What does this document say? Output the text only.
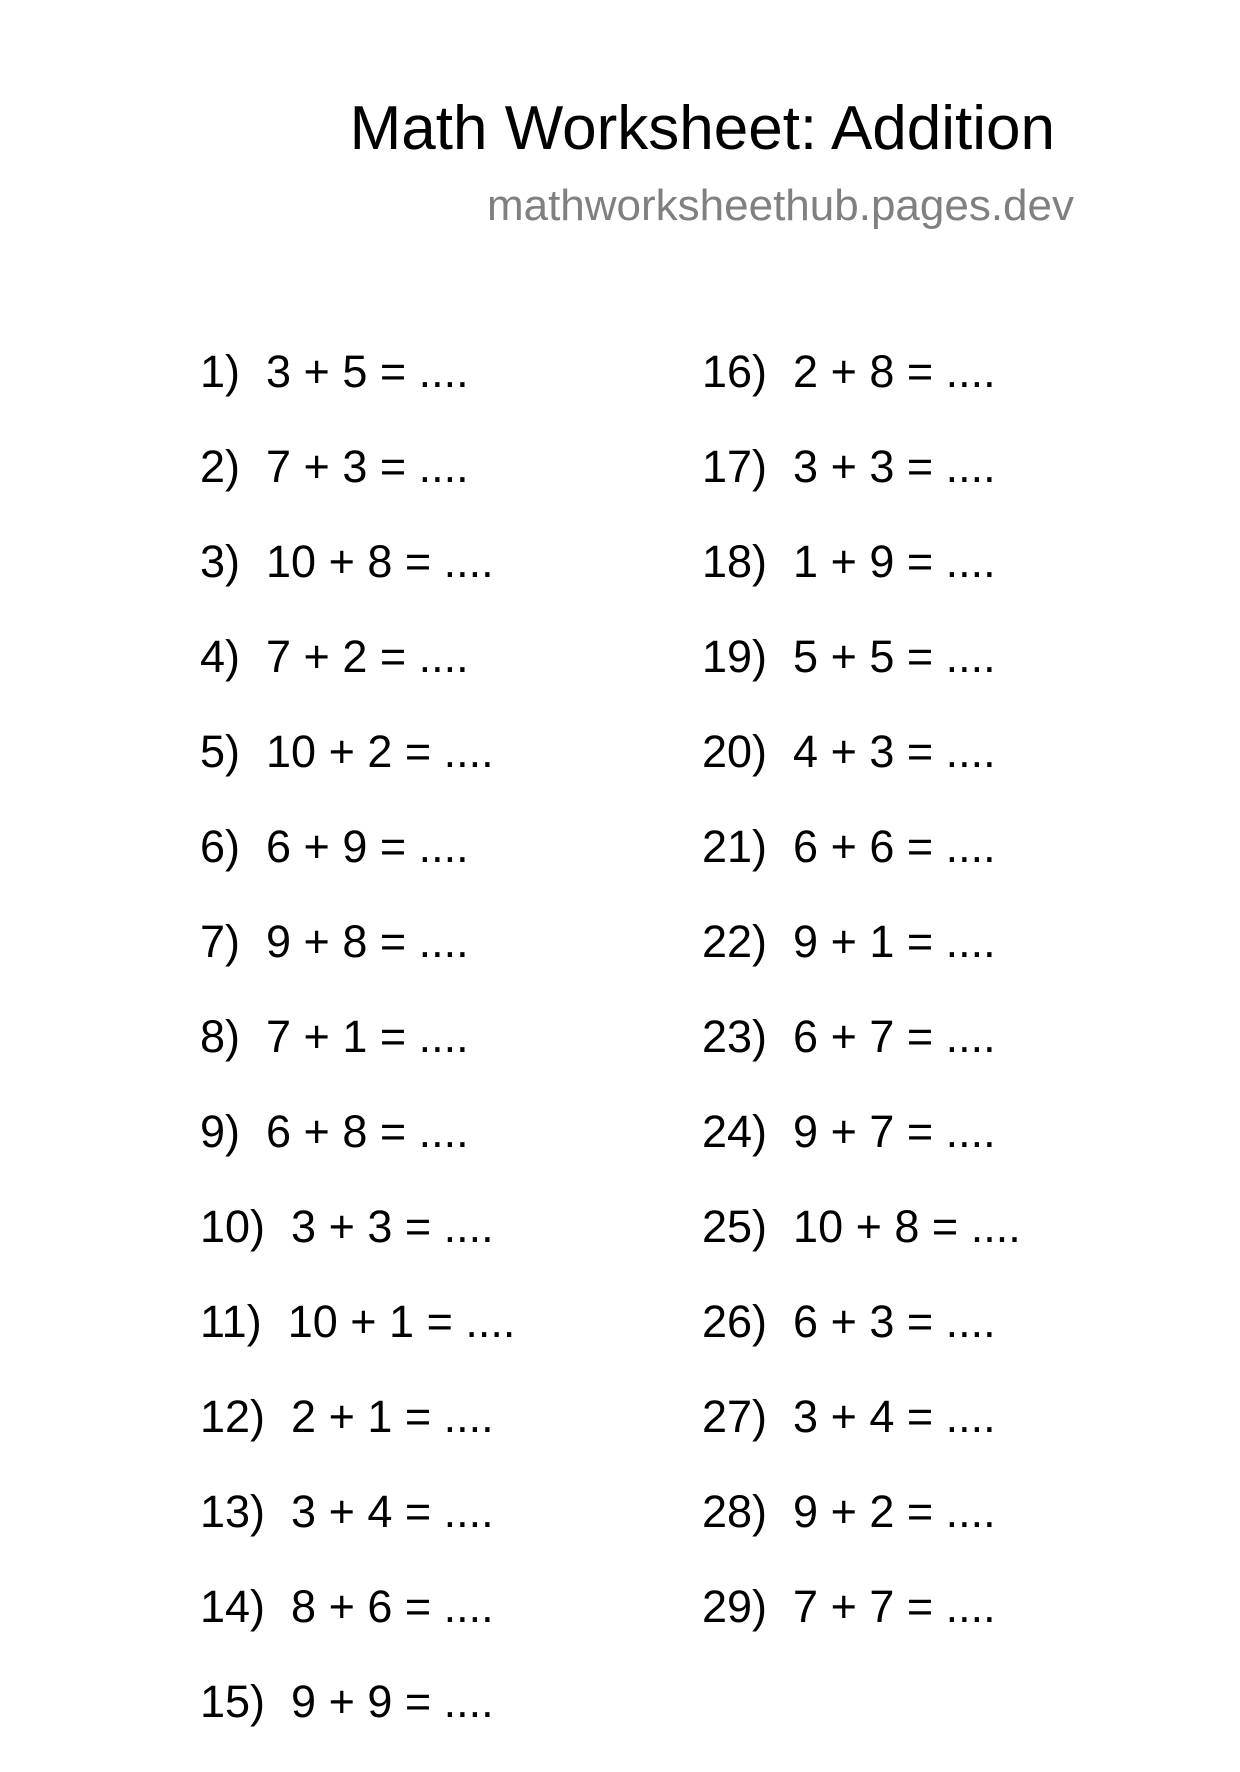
Math Worksheet: Addition
mathworksheethub.pages.dev
1) 3 + 5 = ....
2) 7 + 3 = ....
3) 10 + 8 = ....
4) 7 + 2 = ....
5) 10 + 2 = ....
6) 6 + 9 = ....
7) 9 + 8 = ....
8) 7 + 1 = ....
9) 6 + 8 = ....
10) 3 + 3 = ....
11) 10 + 1 = ....
12) 2 + 1 = ....
13) 3 + 4 = ....
14) 8 + 6 = ....
15) 9 + 9 = ....
16) 2 + 8 = ....
17) 3 + 3 = ....
18) 1 + 9 = ....
19) 5 + 5 = ....
20) 4 + 3 = ....
21) 6 + 6 = ....
22) 9 + 1 = ....
23) 6 + 7 = ....
24) 9 + 7 = ....
25) 10 + 8 = ....
26) 6 + 3 = ....
27) 3 + 4 = ....
28) 9 + 2 = ....
29) 7 + 7 = ....
